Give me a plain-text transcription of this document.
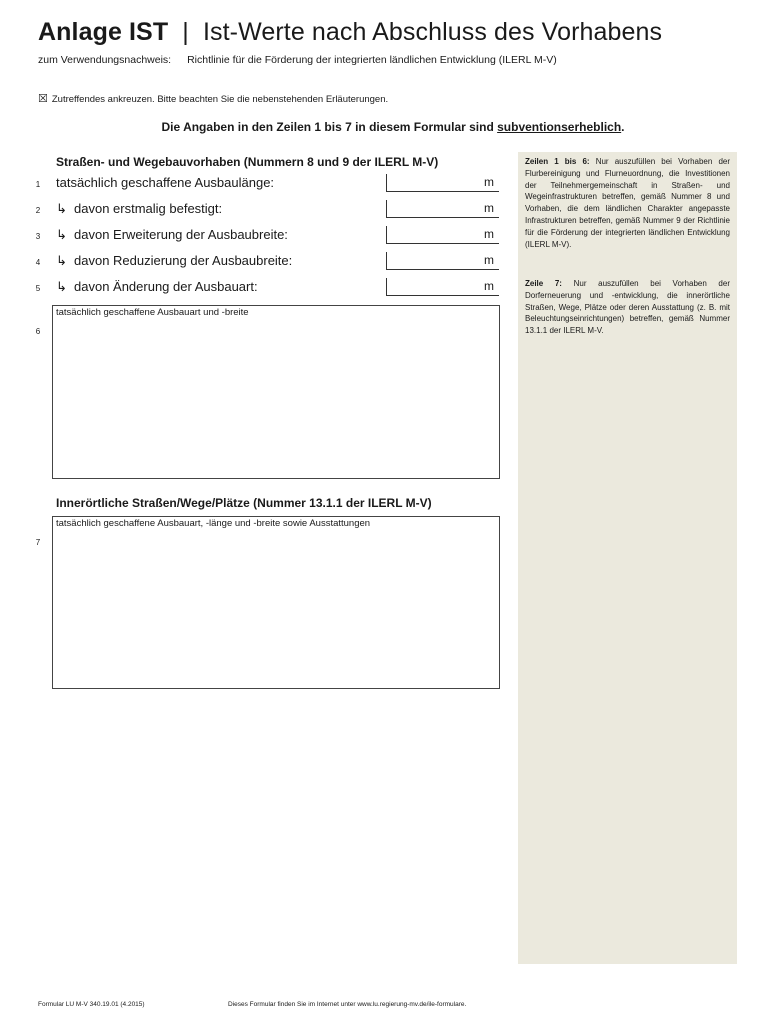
Anlage IST | Ist-Werte nach Abschluss des Vorhabens
zum Verwendungsnachweis: Richtlinie für die Förderung der integrierten ländlichen Entwicklung (ILERL M-V)
☒ Zutreffendes ankreuzen. Bitte beachten Sie die nebenstehenden Erläuterungen.
Die Angaben in den Zeilen 1 bis 7 in diesem Formular sind subventionserheblich.
Straßen- und Wegebauvorhaben (Nummern 8 und 9 der ILERL M-V)
1 tatsächlich geschaffene Ausbaulänge:	m
2 ↳ davon erstmalig befestigt:	m
3 ↳ davon Erweiterung der Ausbaubreite:	m
4 ↳ davon Reduzierung der Ausbaubreite:	m
5 ↳ davon Änderung der Ausbauart:	m
6
tatsächlich geschaffene Ausbauart und -breite
Innerörtliche Straßen/Wege/Plätze (Nummer 13.1.1 der ILERL M-V)
7
tatsächlich geschaffene Ausbauart, -länge und -breite sowie Ausstattungen
Zeilen 1 bis 6: Nur auszufüllen bei Vorhaben der Flurbereinigung und Flurneuordnung, die Investitionen der Teilnehmergemeinschaft in Straßen- und Wegeinfrastrukturen betreffen, gemäß Nummer 8 und Vorhaben, die dem ländlichen Charakter angepasste Infrastrukturen betreffen, gemäß Nummer 9 der Richtlinie für die Förderung der integrierten ländlichen Entwicklung (ILERL M-V).
Zeile 7: Nur auszufüllen bei Vorhaben der Dorferneuerung und -entwicklung, die innerörtliche Straßen, Wege, Plätze oder deren Ausstattung (z. B. mit Beleuchtungseinrichtungen) betreffen, gemäß Nummer 13.1.1 der ILERL M-V.
Formular LU M-V 340.19.01 (4.2015)	Dieses Formular finden Sie im Internet unter www.lu.regierung-mv.de/ile-formulare.
